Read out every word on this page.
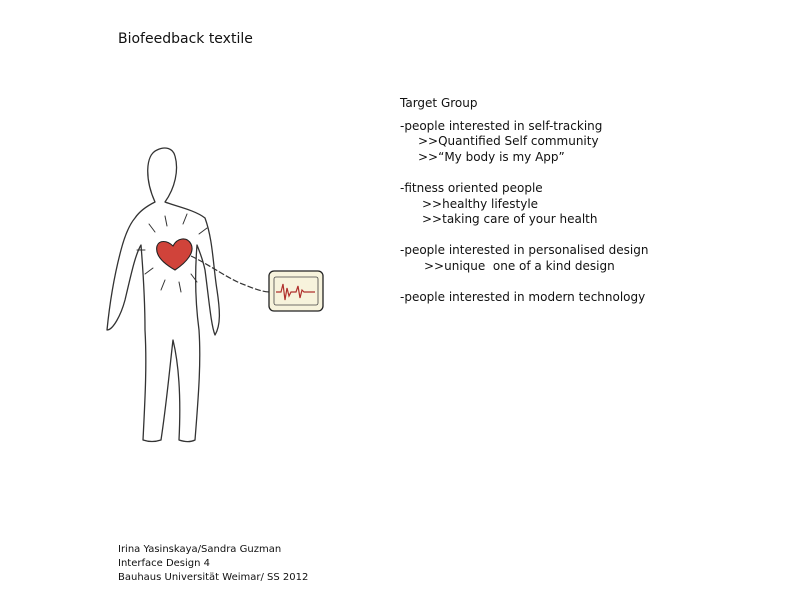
Biofeedback textile
Target Group
-people interested in self-tracking
>>Quantified Self community
>>“My body is my App”
-fitness oriented people
>>healthy lifestyle
>>taking care of your health
-people interested in personalised design
>>unique  one of a kind design
-people interested in modern technology
Irina Yasinskaya/Sandra Guzman
Interface Design 4
Bauhaus Universität Weimar/ SS 2012
